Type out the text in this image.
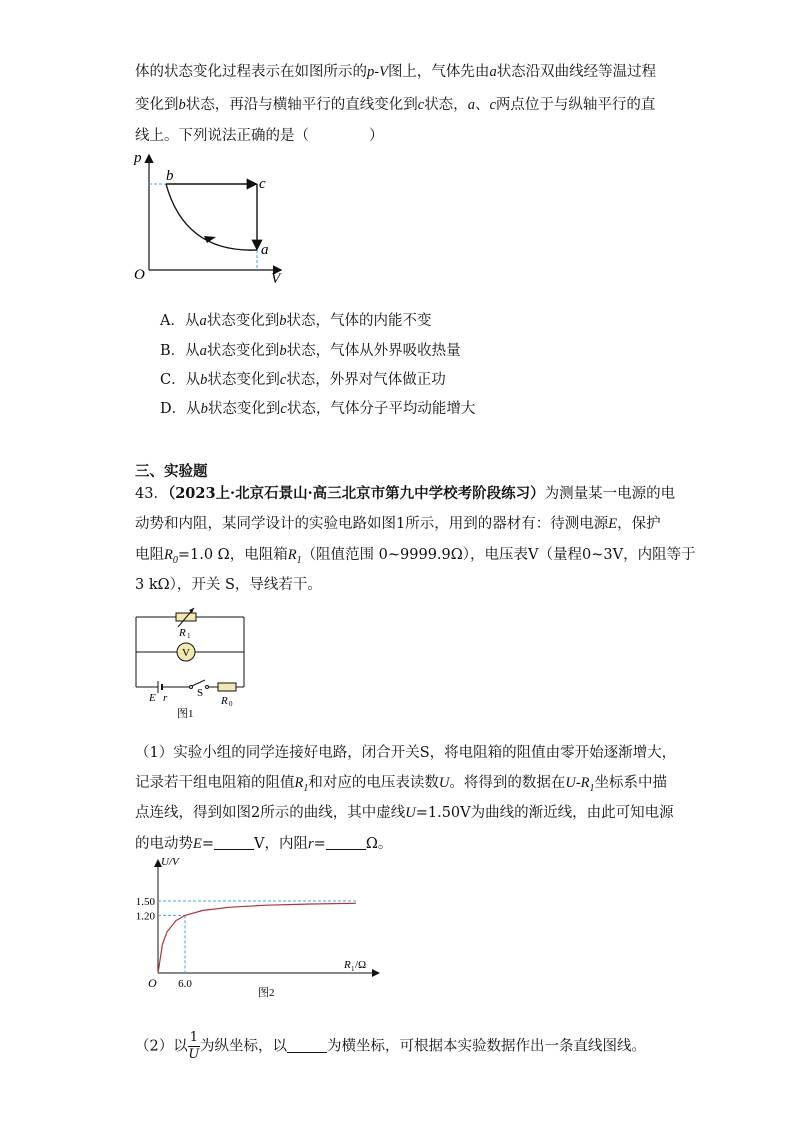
体的状态变化过程表示在如图所示的p-V图上，气体先由a状态沿双曲线经等温过程
变化到b状态，再沿与横轴平行的直线变化到c状态，a、c两点位于与纵轴平行的直
线上。下列说法正确的是（	）
p
V
O
b	c
a
A．从a状态变化到b状态，气体的内能不变
B．从a状态变化到b状态，气体从外界吸收热量
C．从b状态变化到c状态，外界对气体做正功
D．从b状态变化到c状态，气体分子平均动能增大
三、实验题
43．（2023上·北京石景山·高三北京市第九中学校考阶段练习）为测量某一电源的电
动势和内阻，某同学设计的实验电路如图1所示，用到的器材有：待测电源E，保护
电阻$R_0=1.0$ Ω，电阻箱$R_1$（阻值范围 0~9999.9Ω），电压表V（量程0~3V，内阻等于
3 kΩ），开关 S，导线若干。
R 1
V
E r	S
R 0
图1
（1）实验小组的同学连接好电路，闭合开关S，将电阻箱的阻值由零开始逐渐增大，
记录若干组电阻箱的阻值$R_1$和对应的电压表读数U。将得到的数据在$U-R_1$坐标系中描
点连线，得到如图2所示的曲线，其中虚线U=1.50V为曲线的渐近线，由此可知电源
的电动势E=	V，内阻r=	Ω。
1.50
1.20
6.0
U/V
R 1 /Ω
O
图2
（2）以 $\frac{1}{U}$ 为纵坐标，以	为横坐标，可根据本实验数据作出一条直线图线。
